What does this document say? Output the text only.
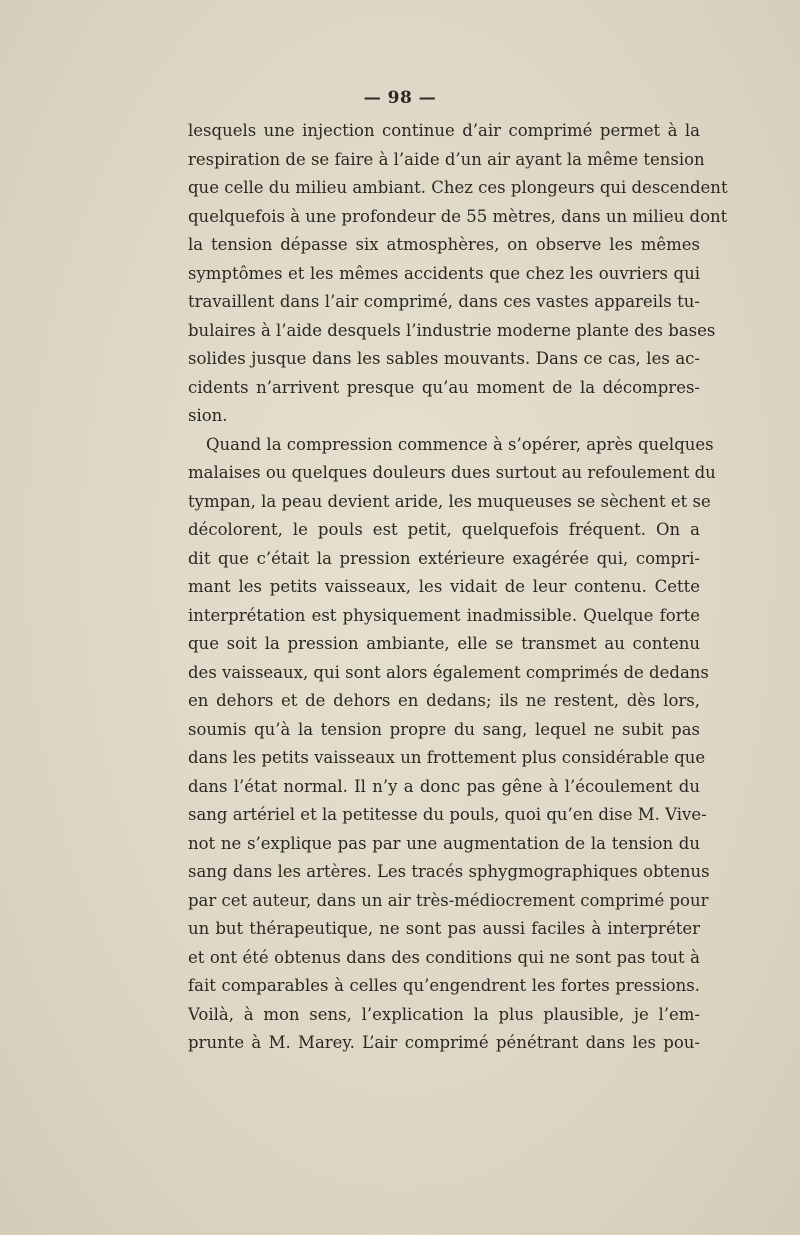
— 98 —
lesquels une injection continue d’air comprimé permet à la
respiration de se faire à l’aide d’un air ayant la même tension
que celle du milieu ambiant. Chez ces plongeurs qui descendent
quelquefois à une profondeur de 55 mètres, dans un milieu dont
la tension dépasse six atmosphères, on observe les mêmes
symptômes et les mêmes accidents que chez les ouvriers qui
travaillent dans l’air comprimé, dans ces vastes appareils tu-
bulaires à l’aide desquels l’industrie moderne plante des bases
solides jusque dans les sables mouvants. Dans ce cas, les ac-
cidents n’arrivent presque qu’au moment de la décompres-
sion.
Quand la compression commence à s’opérer, après quelques
malaises ou quelques douleurs dues surtout au refoulement du
tympan, la peau devient aride, les muqueuses se sèchent et se
décolorent, le pouls est petit, quelquefois fréquent. On a
dit que c’était la pression extérieure exagérée qui, compri-
mant les petits vaisseaux, les vidait de leur contenu. Cette
interprétation est physiquement inadmissible. Quelque forte
que soit la pression ambiante, elle se transmet au contenu
des vaisseaux, qui sont alors également comprimés de dedans
en dehors et de dehors en dedans; ils ne restent, dès lors,
soumis qu’à la tension propre du sang, lequel ne subit pas
dans les petits vaisseaux un frottement plus considérable que
dans l’état normal. Il n’y a donc pas gêne à l’écoulement du
sang artériel et la petitesse du pouls, quoi qu’en dise M. Vive-
not ne s’explique pas par une augmentation de la tension du
sang dans les artères. Les tracés sphygmographiques obtenus
par cet auteur, dans un air très-médiocrement comprimé pour
un but thérapeutique, ne sont pas aussi faciles à interpréter
et ont été obtenus dans des conditions qui ne sont pas tout à
fait comparables à celles qu’engendrent les fortes pressions.
Voilà, à mon sens, l’explication la plus plausible, je l’em-
prunte à M. Marey. L’air comprimé pénétrant dans les pou-
